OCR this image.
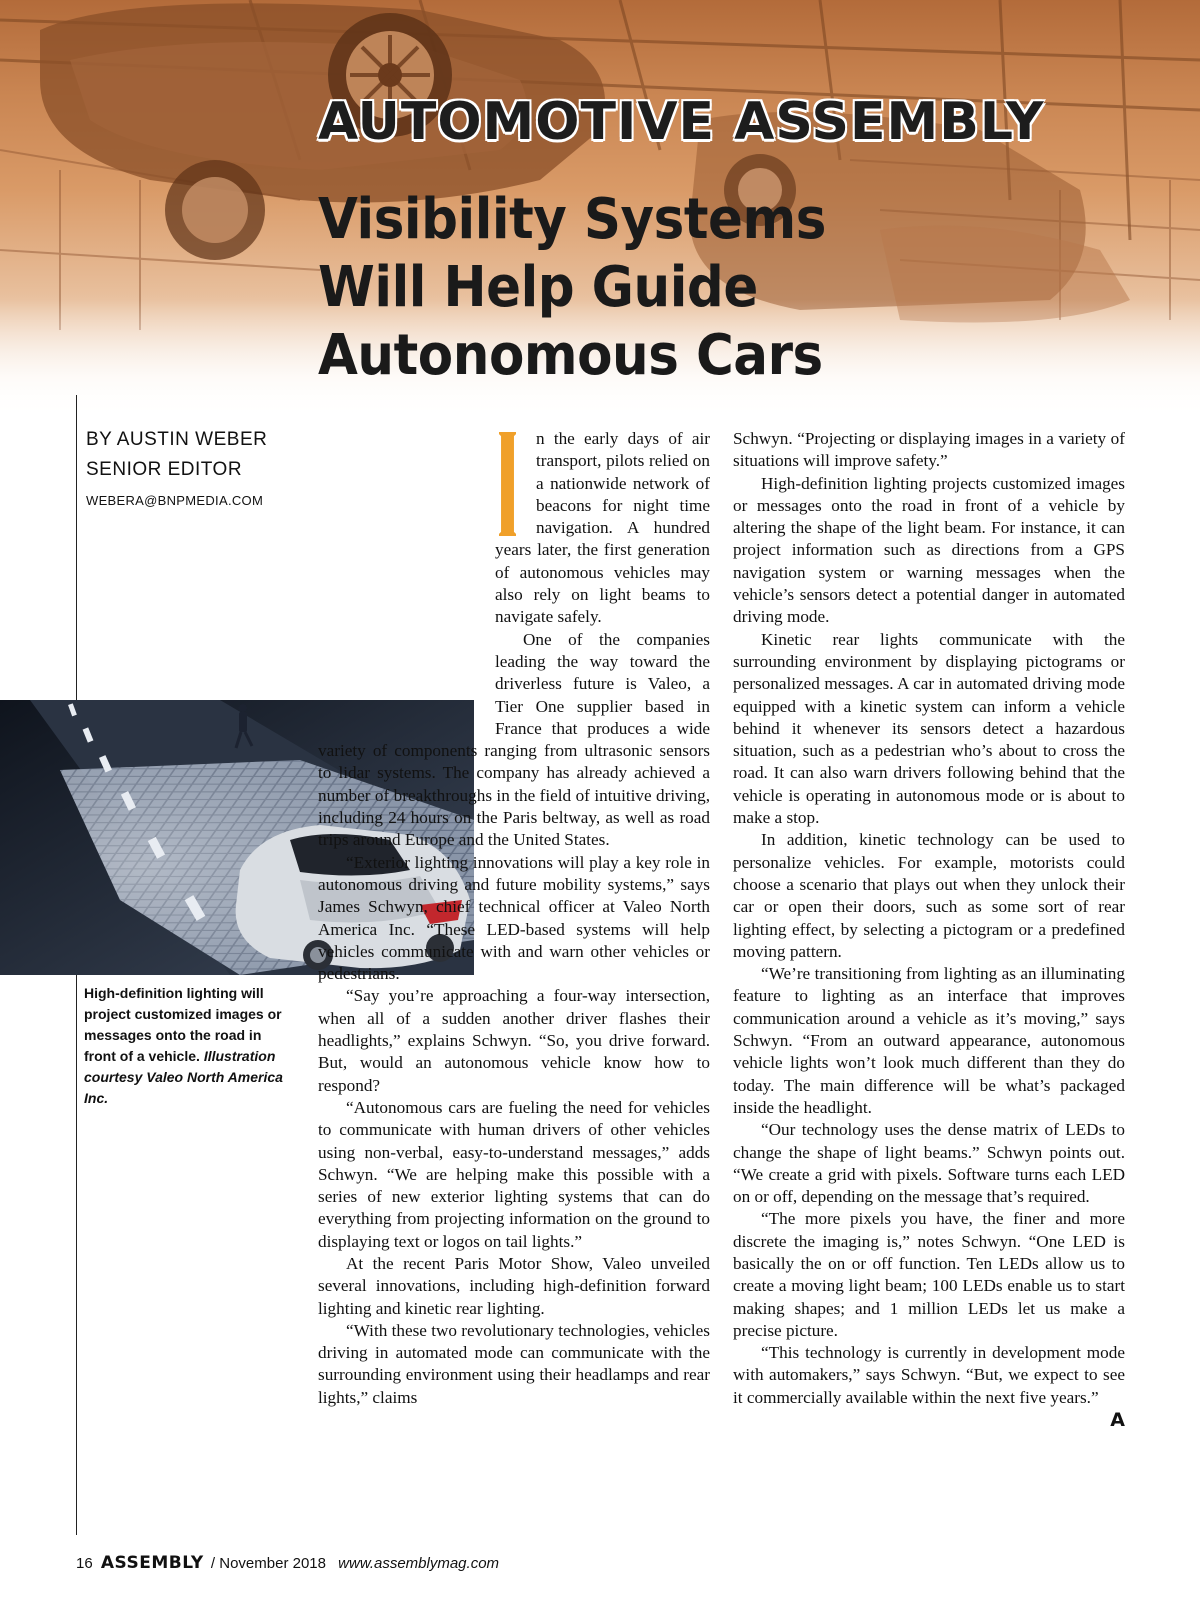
AUTOMOTIVE ASSEMBLY
Visibility Systems
Will Help Guide
Autonomous Cars
BY AUSTIN WEBER
SENIOR EDITOR
WEBERA@BNPMEDIA.COM
High-definition lighting will project customized images or messages onto the road in front of a vehicle. Illustration courtesy Valeo North America Inc.

n the early days of air transport, pilots relied on a nationwide network of beacons for night time navigation. A hundred years later, the first generation of autonomous vehicles may also rely on light beams to navigate safely.

One of the companies leading the way toward the driverless future is Valeo, a Tier One supplier based in France that produces a wide variety of components ranging from ultrasonic sensors to lidar systems. The company has already achieved a number of breakthroughs in the field of intuitive driving, including 24 hours on the Paris beltway, as well as road trips around Europe and the United States.

“Exterior lighting innovations will play a key role in autonomous driving and future mobility systems,” says James Schwyn, chief technical officer at Valeo North America Inc. “These LED-based systems will help vehicles communicate with and warn other vehicles or pedestrians.

“Say you’re approaching a four-way intersection, when all of a sudden another driver flashes their headlights,” explains Schwyn. “So, you drive forward. But, would an autonomous vehicle know how to respond?

“Autonomous cars are fueling the need for vehicles to communicate with human drivers of other vehicles using non-verbal, easy-to-understand messages,” adds Schwyn. “We are helping make this possible with a series of new exterior lighting systems that can do everything from projecting information on the ground to displaying text or logos on tail lights.”

At the recent Paris Motor Show, Valeo unveiled several innovations, including high-definition forward lighting and kinetic rear lighting.

“With these two revolutionary technologies, vehicles driving in automated mode can communicate with the surrounding environment using their headlamps and rear lights,” claims

Schwyn. “Projecting or displaying images in a variety of situations will improve safety.”

High-definition lighting projects customized images or messages onto the road in front of a vehicle by altering the shape of the light beam. For instance, it can project information such as directions from a GPS navigation system or warning messages when the vehicle’s sensors detect a potential danger in automated driving mode.

Kinetic rear lights communicate with the surrounding environment by displaying pictograms or personalized messages. A car in automated driving mode equipped with a kinetic system can inform a vehicle behind it whenever its sensors detect a hazardous situation, such as a pedestrian who’s about to cross the road. It can also warn drivers following behind that the vehicle is operating in autonomous mode or is about to make a stop.

In addition, kinetic technology can be used to personalize vehicles. For example, motorists could choose a scenario that plays out when they unlock their car or open their doors, such as some sort of rear lighting effect, by selecting a pictogram or a predefined moving pattern.

“We’re transitioning from lighting as an illuminating feature to lighting as an interface that improves communication around a vehicle as it’s moving,” says Schwyn. “From an outward appearance, autonomous vehicle lights won’t look much different than they do today. The main difference will be what’s packaged inside the headlight.

“Our technology uses the dense matrix of LEDs to change the shape of light beams.” Schwyn points out. “We create a grid with pixels. Software turns each LED on or off, depending on the message that’s required.

“The more pixels you have, the finer and more discrete the imaging is,” notes Schwyn. “One LED is basically the on or off function. Ten LEDs allow us to create a moving light beam; 100 LEDs enable us to start making shapes; and 1 million LEDs let us make a precise picture.

“This technology is currently in development mode with automakers,” says Schwyn. “But, we expect to see it commercially available within the next five years.”
A

16 ASSEMBLY / November 2018 www.assemblymag.com
